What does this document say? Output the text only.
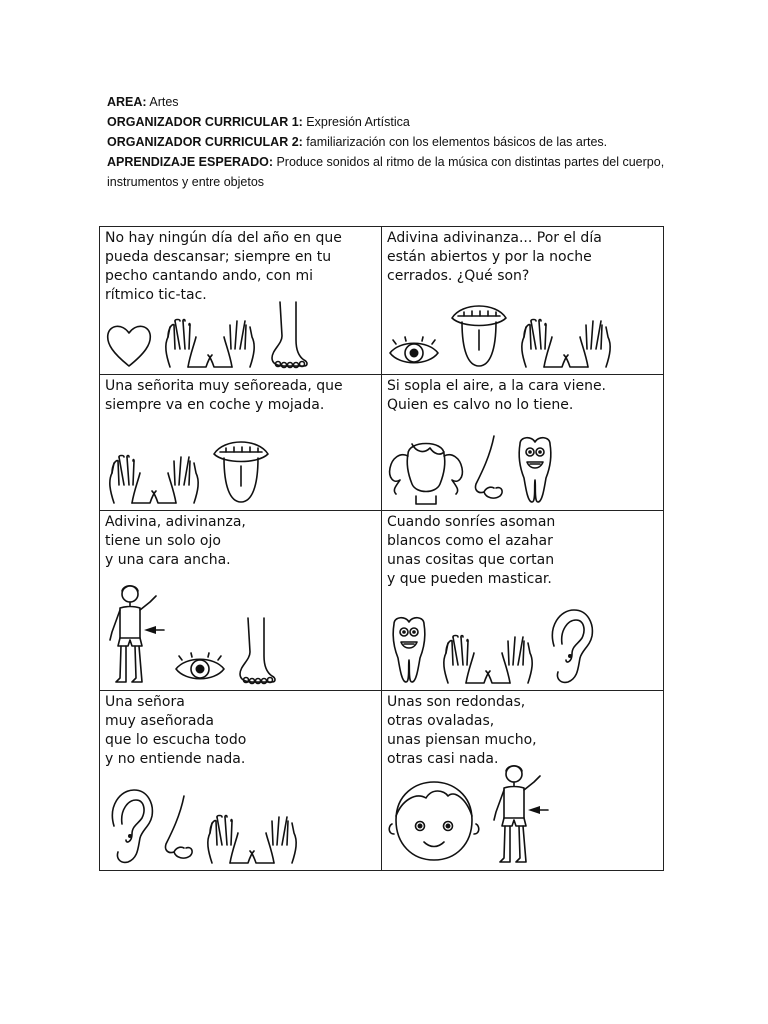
AREA: Artes
ORGANIZADOR CURRICULAR 1: Expresión Artística
ORGANIZADOR CURRICULAR 2: familiarización con los elementos básicos de las artes.
APRENDIZAJE ESPERADO: Produce sonidos al ritmo de la música con distintas partes del cuerpo, instrumentos y entre objetos
No hay ningún día del año en que
pueda descansar; siempre en tu
pecho cantando ando, con mi
rítmico tic-tac.	Adivina adivinanza... Por el día
están abiertos y por la noche
cerrados. ¿Qué son?

Una señorita muy señoreada, que
siempre va en coche y mojada.	Si sopla el aire, a la cara viene.
Quien es calvo no lo tiene.

Adivina, adivinanza,
tiene un solo ojo
y una cara ancha.	Cuando sonríes asoman
blancos como el azahar
unas cositas que cortan
y que pueden masticar.

Una señora
muy aseñorada
que lo escucha todo
y no entiende nada.	Unas son redondas,
otras ovaladas,
unas piensan mucho,
otras casi nada.
